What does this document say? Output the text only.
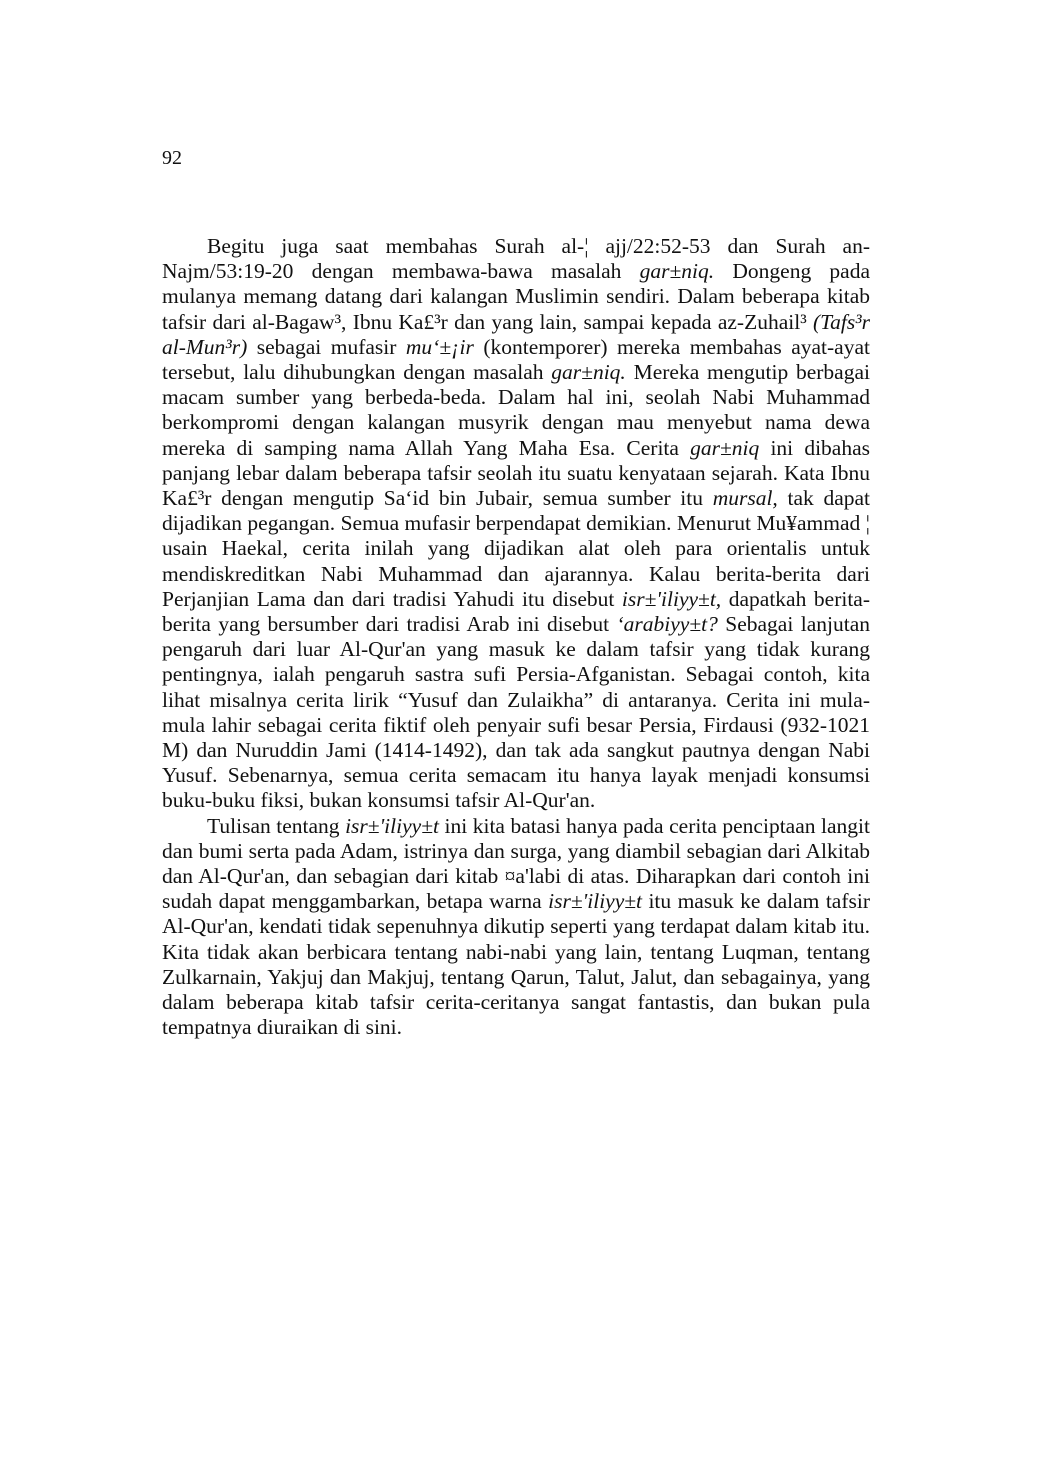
92

Begitu juga saat membahas Surah al-¦ ajj/22:52-53 dan Surah an-Najm/53:19-20 dengan membawa-bawa masalah gar±niq. Dongeng pada mulanya memang datang dari kalangan Muslimin sendiri. Dalam beberapa kitab tafsir dari al-Bagaw³, Ibnu Ka£³r dan yang lain, sampai kepada az-Zuhail³ (Tafs³r al-Mun³r) sebagai mufasir mu‘±¡ir (kontemporer) mereka membahas ayat-ayat tersebut, lalu dihubungkan dengan masalah gar±niq. Mereka mengutip berbagai macam sumber yang berbeda-beda. Dalam hal ini, seolah Nabi Muhammad berkompromi dengan kalangan musyrik dengan mau menyebut nama dewa mereka di samping nama Allah Yang Maha Esa. Cerita gar±niq ini dibahas panjang lebar dalam beberapa tafsir seolah itu suatu kenyataan sejarah. Kata Ibnu Ka£³r dengan mengutip Sa‘id bin Jubair, semua sumber itu mursal, tak dapat dijadikan pegangan. Semua mufasir berpendapat demikian. Menurut Mu¥ammad ¦ usain Haekal, cerita inilah yang dijadikan alat oleh para orientalis untuk mendiskreditkan Nabi Muhammad dan ajarannya. Kalau berita-berita dari Perjanjian Lama dan dari tradisi Yahudi itu disebut isr±'iliyy±t, dapatkah berita-berita yang bersumber dari tradisi Arab ini disebut ‘arabiyy±t? Sebagai lanjutan pengaruh dari luar Al-Qur'an yang masuk ke dalam tafsir yang tidak kurang pentingnya, ialah pengaruh sastra sufi Persia-Afganistan. Sebagai contoh, kita lihat misalnya cerita lirik “Yusuf dan Zulaikha” di antaranya. Cerita ini mula-mula lahir sebagai cerita fiktif oleh penyair sufi besar Persia, Firdausi (932-1021 M) dan Nuruddin Jami (1414-1492), dan tak ada sangkut pautnya dengan Nabi Yusuf. Sebenarnya, semua cerita semacam itu hanya layak menjadi konsumsi buku-buku fiksi, bukan konsumsi tafsir Al-Qur'an.

Tulisan tentang isr±'iliyy±t ini kita batasi hanya pada cerita penciptaan langit dan bumi serta pada Adam, istrinya dan surga, yang diambil sebagian dari Alkitab dan Al-Qur'an, dan sebagian dari kitab ¤a'labi di atas. Diharapkan dari contoh ini sudah dapat menggambarkan, betapa warna isr±'iliyy±t itu masuk ke dalam tafsir Al-Qur'an, kendati tidak sepenuhnya dikutip seperti yang terdapat dalam kitab itu. Kita tidak akan berbicara tentang nabi-nabi yang lain, tentang Luqman, tentang Zulkarnain, Yakjuj dan Makjuj, tentang Qarun, Talut, Jalut, dan sebagainya, yang dalam beberapa kitab tafsir cerita-ceritanya sangat fantastis, dan bukan pula tempatnya diuraikan di sini.
